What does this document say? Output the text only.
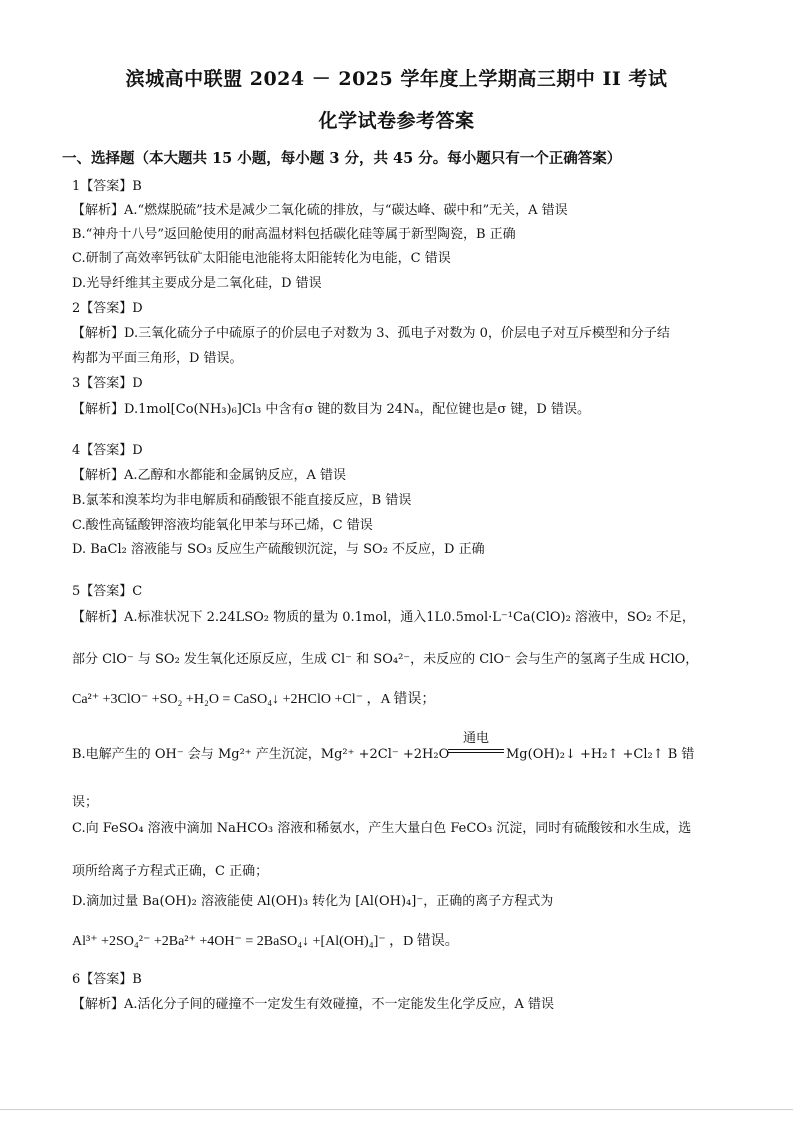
滨城高中联盟 2024 － 2025 学年度上学期高三期中 II 考试
化学试卷参考答案
一、选择题（本大题共 15 小题，每小题 3 分，共 45 分。每小题只有一个正确答案）
1【答案】B
【解析】A.“燃煤脱硫”技术是减少二氧化硫的排放，与“碳达峰、碳中和”无关，A 错误
B.“神舟十八号”返回舱使用的耐高温材料包括碳化硅等属于新型陶瓷，B 正确
C.研制了高效率钙钛矿太阳能电池能将太阳能转化为电能，C 错误
D.光导纤维其主要成分是二氧化硅，D 错误
2【答案】D
【解析】D.三氧化硫分子中硫原子的价层电子对数为 3、孤电子对数为 0，价层电子对互斥模型和分子结
构都为平面三角形，D 错误。
3【答案】D
【解析】D.1mol[Co(NH₃)₆]Cl₃ 中含有σ 键的数目为 24Nₐ，配位键也是σ 键，D 错误。
4【答案】D
【解析】A.乙醇和水都能和金属钠反应，A 错误
B.氯苯和溴苯均为非电解质和硝酸银不能直接反应，B 错误
C.酸性高锰酸钾溶液均能氧化甲苯与环己烯，C 错误
D. BaCl₂ 溶液能与 SO₃ 反应生产硫酸钡沉淀，与 SO₂ 不反应，D 正确
5【答案】C
【解析】A.标准状况下 2.24LSO₂ 物质的量为 0.1mol，通入1L0.5mol·L⁻¹Ca(ClO)₂ 溶液中，SO₂ 不足，
部分 ClO⁻ 与 SO₂ 发生氧化还原反应，生成 Cl⁻ 和 SO₄²⁻，未反应的 ClO⁻ 会与生产的氢离子生成 HClO，
Ca²⁺ +3ClO⁻ +SO₂ +H₂O = CaSO₄↓ +2HClO +Cl⁻ ，A 错误；
B.电解产生的 OH⁻ 会与 Mg²⁺ 产生沉淀，Mg²⁺ +2Cl⁻ +2H₂O
通电
Mg(OH)₂↓ +H₂↑ +Cl₂↑ B 错
误；
C.向 FeSO₄ 溶液中滴加 NaHCO₃ 溶液和稀氨水，产生大量白色 FeCO₃ 沉淀，同时有硫酸铵和水生成，选
项所给离子方程式正确，C 正确；
D.滴加过量 Ba(OH)₂ 溶液能使 Al(OH)₃ 转化为 [Al(OH)₄]⁻，正确的离子方程式为
Al³⁺ +2SO₄²⁻ +2Ba²⁺ +4OH⁻ = 2BaSO₄↓ +[Al(OH)₄]⁻ ，D 错误。
6【答案】B
【解析】A.活化分子间的碰撞不一定发生有效碰撞，不一定能发生化学反应，A 错误
